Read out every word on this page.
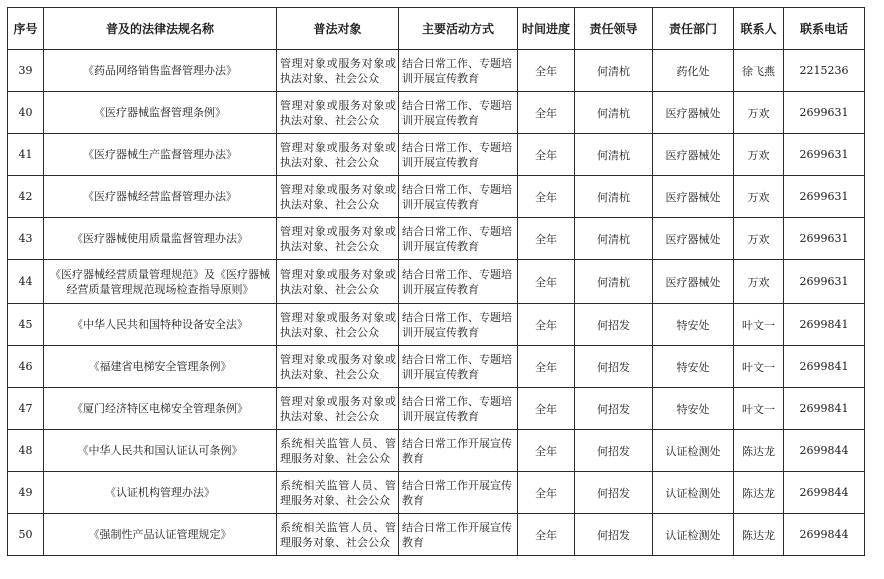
序号	普及的法律法规名称	普法对象	主要活动方式	时间进度	责任领导	责任部门	联系人	联系电话
39	《药品网络销售监督管理办法》	管理对象或服务对象或执法对象、社会公众	结合日常工作、专题培训开展宣传教育	全年	何清杭	药化处	徐飞燕	2215236
40	《医疗器械监督管理条例》	管理对象或服务对象或执法对象、社会公众	结合日常工作、专题培训开展宣传教育	全年	何清杭	医疗器械处	万欢	2699631
41	《医疗器械生产监督管理办法》	管理对象或服务对象或执法对象、社会公众	结合日常工作、专题培训开展宣传教育	全年	何清杭	医疗器械处	万欢	2699631
42	《医疗器械经营监督管理办法》	管理对象或服务对象或执法对象、社会公众	结合日常工作、专题培训开展宣传教育	全年	何清杭	医疗器械处	万欢	2699631
43	《医疗器械使用质量监督管理办法》	管理对象或服务对象或执法对象、社会公众	结合日常工作、专题培训开展宣传教育	全年	何清杭	医疗器械处	万欢	2699631
44	《医疗器械经营质量管理规范》及《医疗器械经营质量管理规范现场检查指导原则》	管理对象或服务对象或执法对象、社会公众	结合日常工作、专题培训开展宣传教育	全年	何清杭	医疗器械处	万欢	2699631
45	《中华人民共和国特种设备安全法》	管理对象或服务对象或执法对象、社会公众	结合日常工作、专题培训开展宣传教育	全年	何招发	特安处	叶文一	2699841
46	《福建省电梯安全管理条例》	管理对象或服务对象或执法对象、社会公众	结合日常工作、专题培训开展宣传教育	全年	何招发	特安处	叶文一	2699841
47	《厦门经济特区电梯安全管理条例》	管理对象或服务对象或执法对象、社会公众	结合日常工作、专题培训开展宣传教育	全年	何招发	特安处	叶文一	2699841
48	《中华人民共和国认证认可条例》	系统相关监管人员、管理服务对象、社会公众	结合日常工作开展宣传教育	全年	何招发	认证检测处	陈达龙	2699844
49	《认证机构管理办法》	系统相关监管人员、管理服务对象、社会公众	结合日常工作开展宣传教育	全年	何招发	认证检测处	陈达龙	2699844
50	《强制性产品认证管理规定》	系统相关监管人员、管理服务对象、社会公众	结合日常工作开展宣传教育	全年	何招发	认证检测处	陈达龙	2699844
